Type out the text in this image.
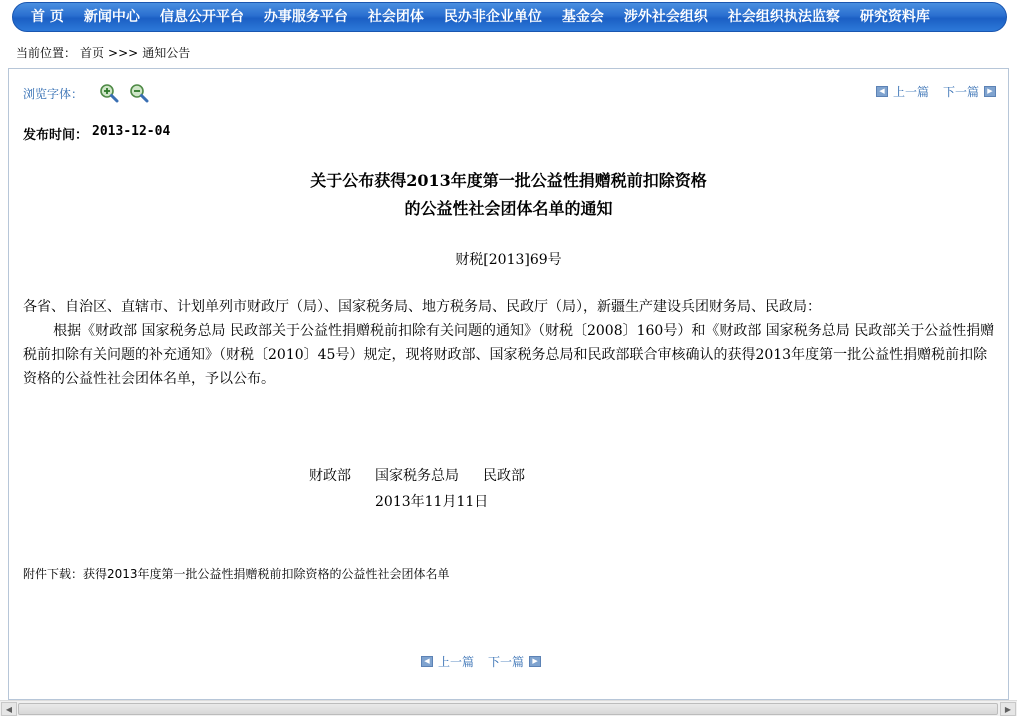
首 页	新闻中心	信息公开平台	办事服务平台	社会团体	民办非企业单位	基金会	涉外社会组织	社会组织执法监察	研究资料库
当前位置： 首页 >>> 通知公告
浏览字体：	◀ 上一篇 下一篇	▶
发布时间： 2013-12-04
关于公布获得2013年度第一批公益性捐赠税前扣除资格
的公益性社会团体名单的通知
财税[2013]69号

各省、自治区、直辖市、计划单列市财政厅（局）、国家税务局、地方税务局、民政厅（局），新疆生产建设兵团财务局、民政局：

根据《财政部 国家税务总局 民政部关于公益性捐赠税前扣除有关问题的通知》（财税〔2008〕160号）和《财政部 国家税务总局 民政部关于公益性捐赠税前扣除有关问题的补充通知》（财税〔2010〕45号）规定，现将财政部、国家税务总局和民政部联合审核确认的获得2013年度第一批公益性捐赠税前扣除资格的公益性社会团体名单，予以公布。

财政部 国家税务总局 民政部
2013年11月11日
附件下载： 获得2013年度第一批公益性捐赠税前扣除资格的公益性社会团体名单
◀ 上一篇 下一篇	▶
◀	▶
